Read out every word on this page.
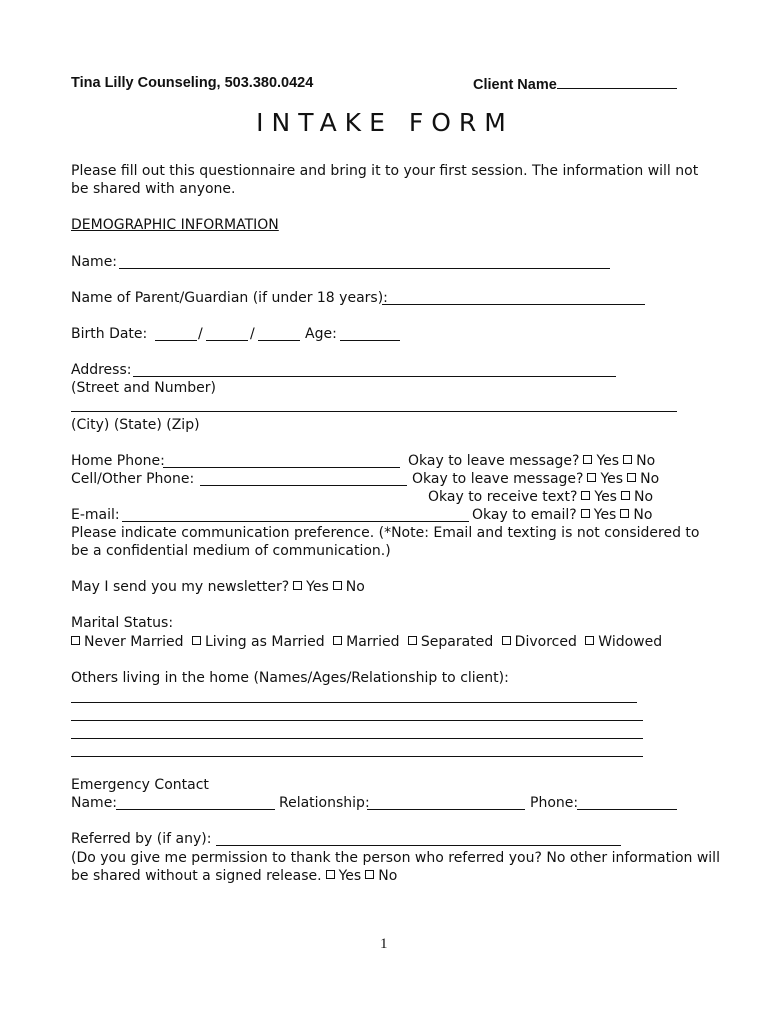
Tina Lilly Counseling, 503.380.0424	Client Name
INTAKE FORM
Please fill out this questionnaire and bring it to your first session. The information will not
be shared with anyone.
DEMOGRAPHIC INFORMATION
Name:
Name of Parent/Guardian (if under 18 years):
Birth Date:	/	/	Age:
Address:
(Street and Number)
(City) (State) (Zip)
Home Phone:	Okay to leave message? Yes No
Cell/Other Phone:	Okay to leave message? Yes No
Okay to receive text? Yes No
E-mail:	Okay to email? Yes No
Please indicate communication preference. (*Note: Email and texting is not considered to
be a confidential medium of communication.)
May I send you my newsletter? Yes No
Marital Status:
Never Married Living as Married Married Separated Divorced Widowed
Others living in the home (Names/Ages/Relationship to client):
Emergency Contact
Name:	Relationship:	Phone:
Referred by (if any):
(Do you give me permission to thank the person who referred you? No other information will
be shared without a signed release. Yes No
1
